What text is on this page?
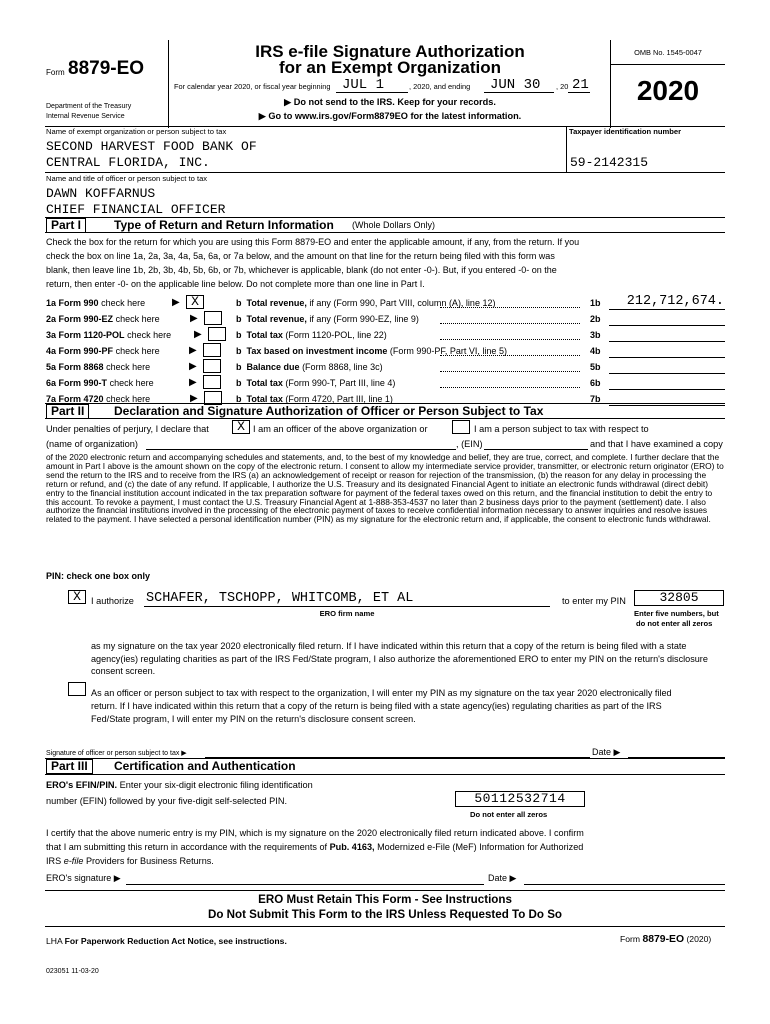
Form 8879-EO
Department of the Treasury
Internal Revenue Service
IRS e-file Signature Authorization
for an Exempt Organization
For calendar year 2020, or fiscal year beginning JUL 1	, 2020, and ending JUN 30 , 20 21
▶ Do not send to the IRS. Keep for your records.
▶ Go to www.irs.gov/Form8879EO for the latest information.
OMB No. 1545-0047
2020
Name of exempt organization or person subject to tax
SECOND HARVEST FOOD BANK OF
CENTRAL FLORIDA, INC.
Taxpayer identification number
59-2142315
Name and title of officer or person subject to tax
DAWN KOFFARNUS
CHIEF FINANCIAL OFFICER
Part I	Type of Return and Return Information (Whole Dollars Only)
Check the box for the return for which you are using this Form 8879-EO and enter the applicable amount, if any, from the return. If you
check the box on line 1a, 2a, 3a, 4a, 5a, 6a, or 7a below, and the amount on that line for the return being filed with this form was
blank, then leave line 1b, 2b, 3b, 4b, 5b, 6b, or 7b, whichever is applicable, blank (do not enter -0-). But, if you entered -0- on the
return, then enter -0- on the applicable line below. Do not complete more than one line in Part I.
1a Form 990 check here	▶ X	b Total revenue, if any (Form 990, Part VIII, column (A), line 12)	1b	212,712,674.
2a Form 990-EZ check here	▶	b Total revenue, if any (Form 990-EZ, line 9)	2b
3a Form 1120-POL check here ▶	b Total tax (Form 1120-POL, line 22)	3b
4a Form 990-PF check here	▶	b Tax based on investment income (Form 990-PF, Part VI, line 5)	4b
5a Form 8868 check here	▶	b Balance due (Form 8868, line 3c)	5b
6a Form 990-T check here	▶	b Total tax (Form 990-T, Part III, line 4)	6b
7a Form 4720 check here	▶	b Total tax (Form 4720, Part III, line 1)	7b
Part II	Declaration and Signature Authorization of Officer or Person Subject to Tax
Under penalties of perjury, I declare that	X I am an officer of the above organization or	I am a person subject to tax with respect to
(name of organization)	, (EIN)	and that I have examined a copy
of the 2020 electronic return and accompanying schedules and statements, and, to the best of my knowledge and belief, they are true, correct, and complete. I further declare that the amount in Part I above is the amount shown on the copy of the electronic return. I consent to allow my intermediate service provider, transmitter, or electronic return originator (ERO) to send the return to the IRS and to receive from the IRS (a) an acknowledgement of receipt or reason for rejection of the transmission, (b) the reason for any delay in processing the return or refund, and (c) the date of any refund. If applicable, I authorize the U.S. Treasury and its designated Financial Agent to initiate an electronic funds withdrawal (direct debit) entry to the financial institution account indicated in the tax preparation software for payment of the federal taxes owed on this return, and the financial institution to debit the entry to this account. To revoke a payment, I must contact the U.S. Treasury Financial Agent at 1-888-353-4537 no later than 2 business days prior to the payment (settlement) date. I also authorize the financial institutions involved in the processing of the electronic payment of taxes to receive confidential information necessary to answer inquiries and resolve issues related to the payment. I have selected a personal identification number (PIN) as my signature for the electronic return and, if applicable, the consent to electronic funds withdrawal.
PIN: check one box only
X	I authorize SCHAFER, TSCHOPP, WHITCOMB, ET AL
ERO firm name
to enter my PIN	32805
Enter five numbers, but
do not enter all zeros
as my signature on the tax year 2020 electronically filed return. If I have indicated within this return that a copy of the return is being filed with a state agency(ies) regulating charities as part of the IRS Fed/State program, I also authorize the aforementioned ERO to enter my PIN on the return's disclosure consent screen.
As an officer or person subject to tax with respect to the organization, I will enter my PIN as my signature on the tax year 2020 electronically filed return. If I have indicated within this return that a copy of the return is being filed with a state agency(ies) regulating charities as part of the IRS Fed/State program, I will enter my PIN on the return's disclosure consent screen.
Signature of officer or person subject to tax ▶	Date ▶
Part III	Certification and Authentication
ERO's EFIN/PIN. Enter your six-digit electronic filing identification
number (EFIN) followed by your five-digit self-selected PIN.	50112532714
Do not enter all zeros
I certify that the above numeric entry is my PIN, which is my signature on the 2020 electronically filed return indicated above. I confirm
that I am submitting this return in accordance with the requirements of Pub. 4163, Modernized e-File (MeF) Information for Authorized
IRS e-file Providers for Business Returns.
ERO's signature ▶	Date ▶
ERO Must Retain This Form - See Instructions
Do Not Submit This Form to the IRS Unless Requested To Do So
LHA For Paperwork Reduction Act Notice, see instructions.	Form 8879-EO (2020)
023051 11-03-20
